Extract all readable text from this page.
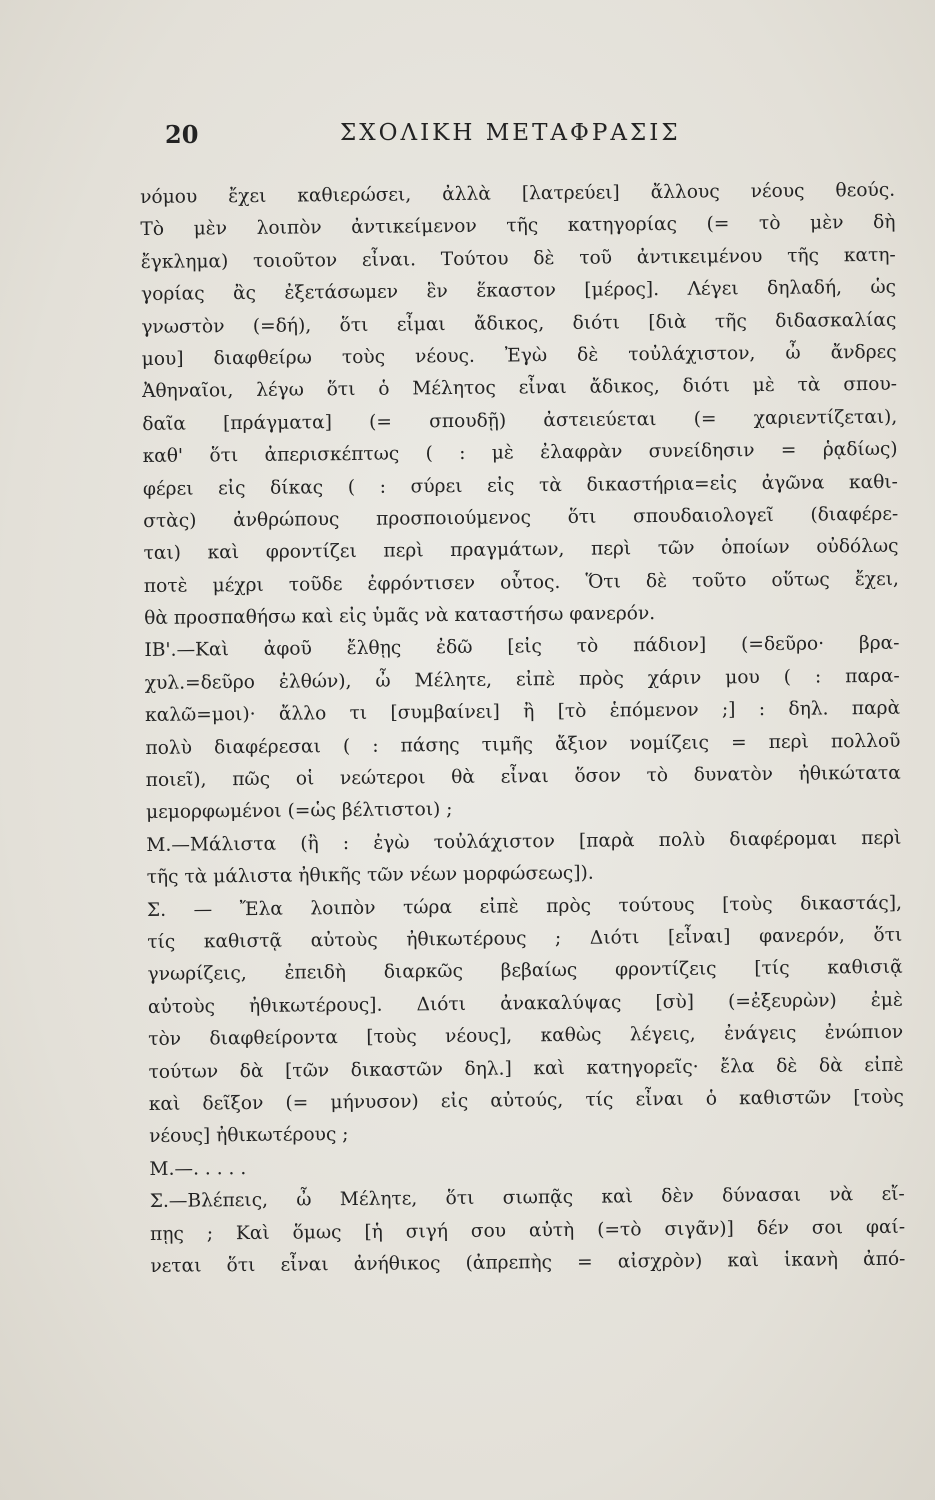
20	ΣΧΟΛΙΚΗ ΜΕΤΑΦΡΑΣΙΣ
νόμου ἔχει καθιερώσει, ἀλλὰ [λατρεύει] ἄλλους νέους θεούς.
Τὸ μὲν λοιπὸν ἀντικείμενον τῆς κατηγορίας (= τὸ μὲν δὴ
ἔγκλημα) τοιοῦτον εἶναι. Τούτου δὲ τοῦ ἀντικειμένου τῆς κατη-
γορίας ἂς ἐξετάσωμεν ἓν ἕκαστον [μέρος]. Λέγει δηλαδή, ὡς
γνωστὸν (=δή), ὅτι εἶμαι ἄδικος, διότι [διὰ τῆς διδασκαλίας
μου] διαφθείρω τοὺς νέους. Ἐγὼ δὲ τοὐλάχιστον, ὦ ἄνδρες
Ἀθηναῖοι, λέγω ὅτι ὁ Μέλητος εἶναι ἄδικος, διότι μὲ τὰ σπου-
δαῖα [πράγματα] (= σπουδῇ) ἀστειεύεται (= χαριεντίζεται),
καθ' ὅτι ἀπερισκέπτως ( : μὲ ἐλαφρὰν συνείδησιν = ῥᾳδίως)
φέρει εἰς δίκας ( : σύρει εἰς τὰ δικαστήρια=εἰς ἀγῶνα καθι-
στὰς) ἀνθρώπους προσποιούμενος ὅτι σπουδαιολογεῖ (διαφέρε-
ται) καὶ φροντίζει περὶ πραγμάτων, περὶ τῶν ὁποίων οὐδόλως
ποτὲ μέχρι τοῦδε ἐφρόντισεν οὗτος. Ὅτι δὲ τοῦτο οὕτως ἔχει,
θὰ προσπαθήσω καὶ εἰς ὑμᾶς νὰ καταστήσω φανερόν.
ΙΒ'.—Καὶ ἀφοῦ ἔλθῃς ἐδῶ [εἰς τὸ πάδιον] (=δεῦρο· βρα-
χυλ.=δεῦρο ἐλθών), ὦ Μέλητε, εἰπὲ πρὸς χάριν μου ( : παρα-
καλῶ=μοι)· ἄλλο τι [συμβαίνει] ἢ [τὸ ἑπόμενον ;] : δηλ. παρὰ
πολὺ διαφέρεσαι ( : πάσης τιμῆς ἄξιον νομίζεις = περὶ πολλοῦ
ποιεῖ), πῶς οἱ νεώτεροι θὰ εἶναι ὅσον τὸ δυνατὸν ἠθικώτατα
μεμορφωμένοι (=ὡς βέλτιστοι) ;
Μ.—Μάλιστα (ἢ : ἐγὼ τοὐλάχιστον [παρὰ πολὺ διαφέρομαι περὶ
τῆς τὰ μάλιστα ἠθικῆς τῶν νέων μορφώσεως]).
Σ. — Ἔλα λοιπὸν τώρα εἰπὲ πρὸς τούτους [τοὺς δικαστάς],
τίς καθιστᾷ αὐτοὺς ἠθικωτέρους ; Διότι [εἶναι] φανερόν, ὅτι
γνωρίζεις, ἐπειδὴ διαρκῶς βεβαίως φροντίζεις [τίς καθισιᾷ
αὐτοὺς ἠθικωτέρους]. Διότι ἀνακαλύψας [σὺ] (=ἐξευρὼν) ἐμὲ
τὸν διαφθείροντα [τοὺς νέους], καθὼς λέγεις, ἐνάγεις ἐνώπιον
τούτων δὰ [τῶν δικαστῶν δηλ.] καὶ κατηγορεῖς· ἔλα δὲ δὰ εἰπὲ
καὶ δεῖξον (= μήνυσον) εἰς αὐτούς, τίς εἶναι ὁ καθιστῶν [τοὺς
νέους] ἠθικωτέρους ;
Μ.—. . . . .
Σ.—Βλέπεις, ὦ Μέλητε, ὅτι σιωπᾷς καὶ δὲν δύνασαι νὰ εἴ-
πῃς ; Καὶ ὅμως [ἡ σιγή σου αὐτὴ (=τὸ σιγᾶν)] δέν σοι φαί-
νεται ὅτι εἶναι ἀνήθικος (ἀπρεπὴς = αἰσχρὸν) καὶ ἱκανὴ ἀπό-
